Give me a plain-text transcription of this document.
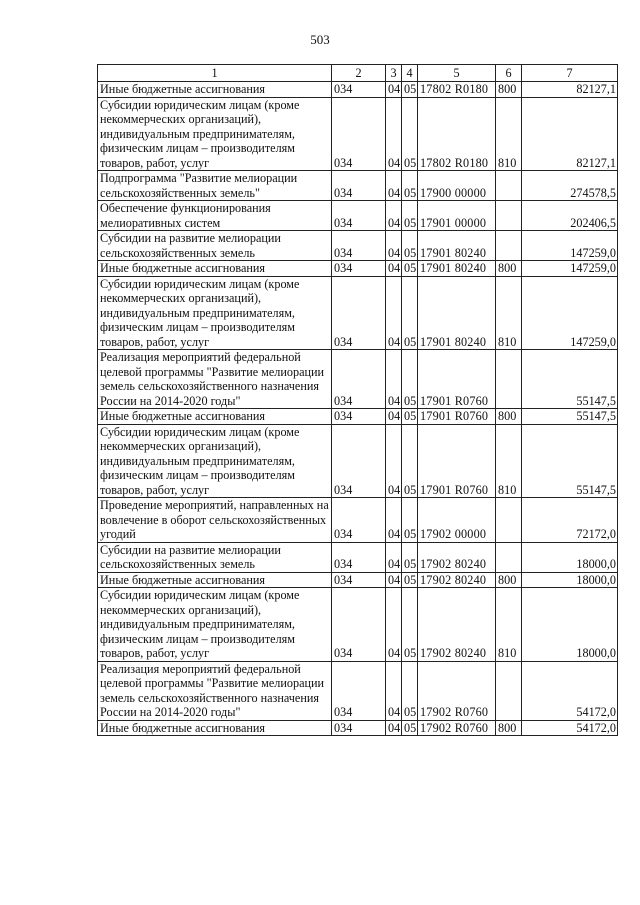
503
1	2	3	4	5	6	7
Иные бюджетные ассигнования	034	04	05	17802 R0180	800	82127,1
Субсидии юридическим лицам (кроме некоммерческих организаций), индивидуальным предпринимателям, физическим лицам – производителям товаров, работ, услуг	034	04	05	17802 R0180	810	82127,1
Подпрограмма "Развитие мелиорации сельскохозяйственных земель"	034	04	05	17900 00000		274578,5
Обеспечение функционирования мелиоративных систем	034	04	05	17901 00000		202406,5
Субсидии на развитие мелиорации сельскохозяйственных земель	034	04	05	17901 80240		147259,0
Иные бюджетные ассигнования	034	04	05	17901 80240	800	147259,0
Субсидии юридическим лицам (кроме некоммерческих организаций), индивидуальным предпринимателям, физическим лицам – производителям товаров, работ, услуг	034	04	05	17901 80240	810	147259,0
Реализация мероприятий федеральной целевой программы "Развитие мелиорации земель сельскохозяйственного назначения России на 2014-2020 годы"	034	04	05	17901 R0760		55147,5
Иные бюджетные ассигнования	034	04	05	17901 R0760	800	55147,5
Субсидии юридическим лицам (кроме некоммерческих организаций), индивидуальным предпринимателям, физическим лицам – производителям товаров, работ, услуг	034	04	05	17901 R0760	810	55147,5
Проведение мероприятий, направленных на вовлечение в оборот сельскохозяйственных угодий	034	04	05	17902 00000		72172,0
Субсидии на развитие мелиорации сельскохозяйственных земель	034	04	05	17902 80240		18000,0
Иные бюджетные ассигнования	034	04	05	17902 80240	800	18000,0
Субсидии юридическим лицам (кроме некоммерческих организаций), индивидуальным предпринимателям, физическим лицам – производителям товаров, работ, услуг	034	04	05	17902 80240	810	18000,0
Реализация мероприятий федеральной целевой программы "Развитие мелиорации земель сельскохозяйственного назначения России на 2014-2020 годы"	034	04	05	17902 R0760		54172,0
Иные бюджетные ассигнования	034	04	05	17902 R0760	800	54172,0
